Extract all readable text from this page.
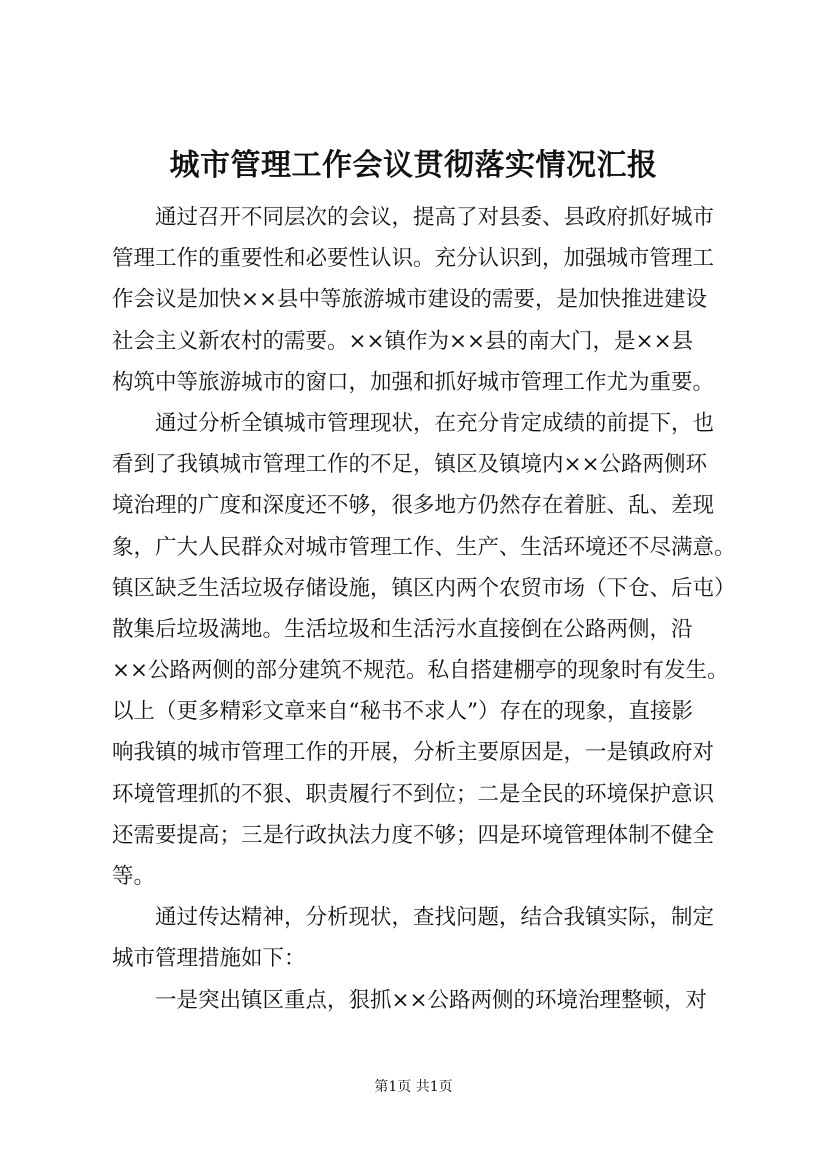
城市管理工作会议贯彻落实情况汇报
通过召开不同层次的会议，提高了对县委、县政府抓好城市
管理工作的重要性和必要性认识。充分认识到，加强城市管理工
作会议是加快××县中等旅游城市建设的需要，是加快推进建设
社会主义新农村的需要。××镇作为××县的南大门，是××县
构筑中等旅游城市的窗口，加强和抓好城市管理工作尤为重要。
通过分析全镇城市管理现状，在充分肯定成绩的前提下，也
看到了我镇城市管理工作的不足，镇区及镇境内××公路两侧环
境治理的广度和深度还不够，很多地方仍然存在着脏、乱、差现
象，广大人民群众对城市管理工作、生产、生活环境还不尽满意。
镇区缺乏生活垃圾存储设施，镇区内两个农贸市场（下仓、后屯）
散集后垃圾满地。生活垃圾和生活污水直接倒在公路两侧，沿
××公路两侧的部分建筑不规范。私自搭建棚亭的现象时有发生。
以上（更多精彩文章来自“秘书不求人”）存在的现象，直接影
响我镇的城市管理工作的开展，分析主要原因是，一是镇政府对
环境管理抓的不狠、职责履行不到位；二是全民的环境保护意识
还需要提高；三是行政执法力度不够；四是环境管理体制不健全
等。
通过传达精神，分析现状，查找问题，结合我镇实际，制定
城市管理措施如下：
一是突出镇区重点，狠抓××公路两侧的环境治理整顿，对
第1页 共1页
